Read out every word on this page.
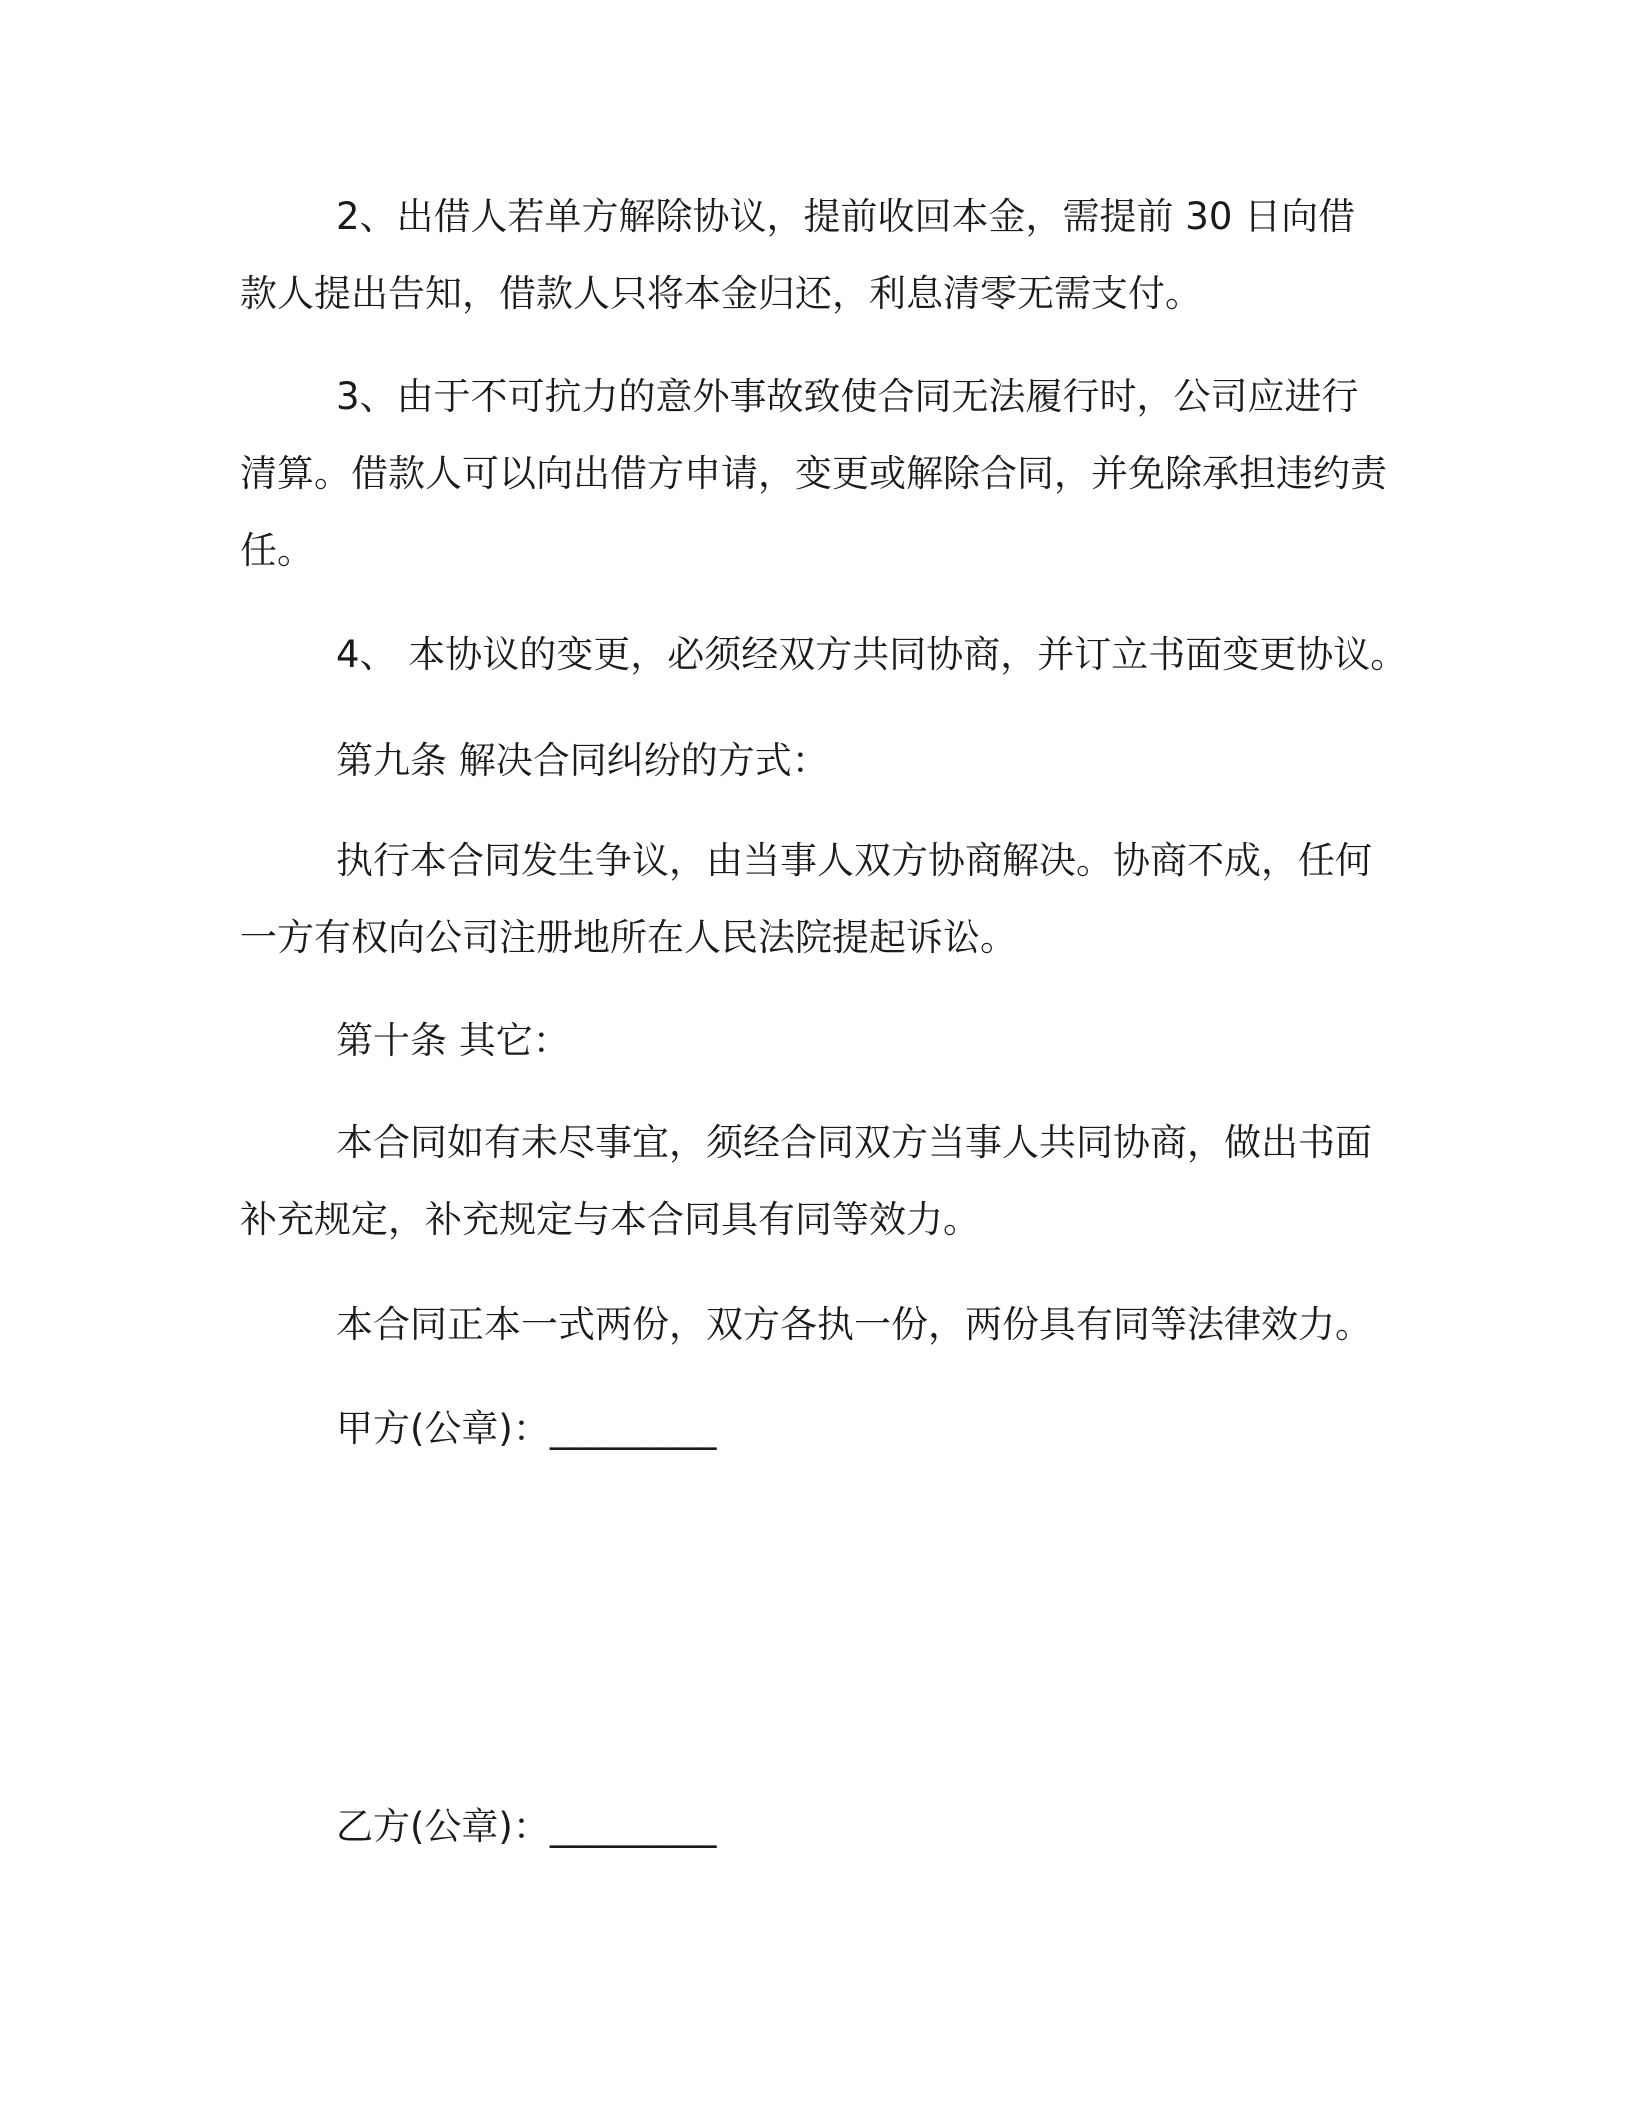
2、出借人若单方解除协议，提前收回本金，需提前 30 日向借款人提出告知，借款人只将本金归还，利息清零无需支付。

3、由于不可抗力的意外事故致使合同无法履行时，公司应进行清算。借款人可以向出借方申请，变更或解除合同，并免除承担违约责任。

4、 本协议的变更，必须经双方共同协商，并订立书面变更协议。

第九条 解决合同纠纷的方式：

执行本合同发生争议，由当事人双方协商解决。协商不成，任何一方有权向公司注册地所在人民法院提起诉讼。

第十条 其它：

本合同如有未尽事宜，须经合同双方当事人共同协商，做出书面补充规定，补充规定与本合同具有同等效力。

本合同正本一式两份，双方各执一份，两份具有同等法律效力。

甲方(公章)：_________

乙方(公章)：_________
